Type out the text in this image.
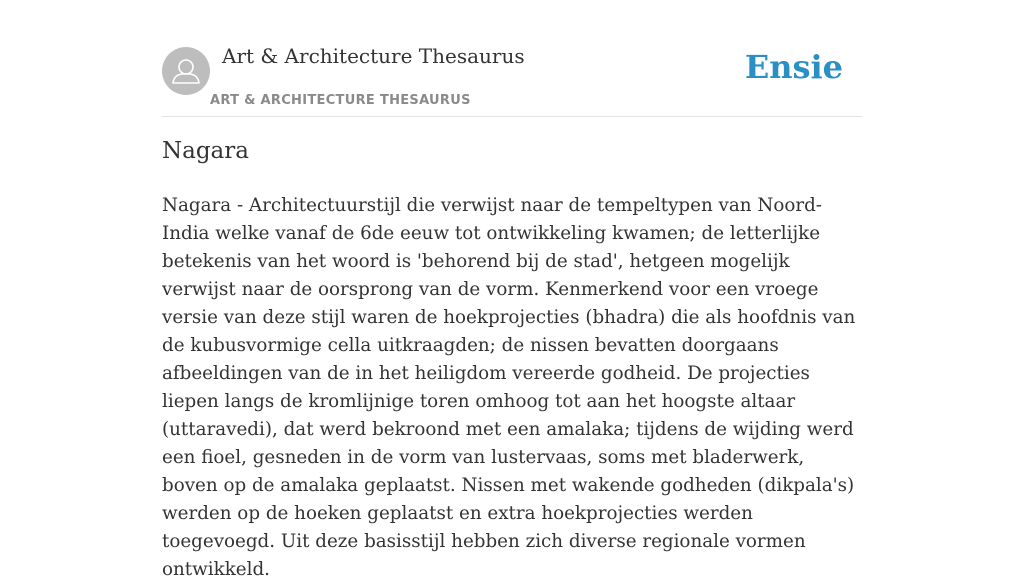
Art & Architecture Thesaurus
ART & ARCHITECTURE THESAURUS
Ensie
Nagara

Nagara - Architectuurstijl die verwijst naar de tempeltypen van Noord-India welke vanaf de 6de eeuw tot ontwikkeling kwamen; de letterlijke betekenis van het woord is 'behorend bij de stad', hetgeen mogelijk verwijst naar de oorsprong van de vorm. Kenmerkend voor een vroege versie van deze stijl waren de hoekprojecties (bhadra) die als hoofdnis van de kubusvormige cella uitkraagden; de nissen bevatten doorgaans afbeeldingen van de in het heiligdom vereerde godheid. De projecties liepen langs de kromlijnige toren omhoog tot aan het hoogste altaar (uttaravedi), dat werd bekroond met een amalaka; tijdens de wijding werd een fioel, gesneden in de vorm van lustervaas, soms met bladerwerk, boven op de amalaka geplaatst. Nissen met wakende godheden (dikpala's) werden op de hoeken geplaatst en extra hoekprojecties werden toegevoegd. Uit deze basisstijl hebben zich diverse regionale vormen ontwikkeld.
